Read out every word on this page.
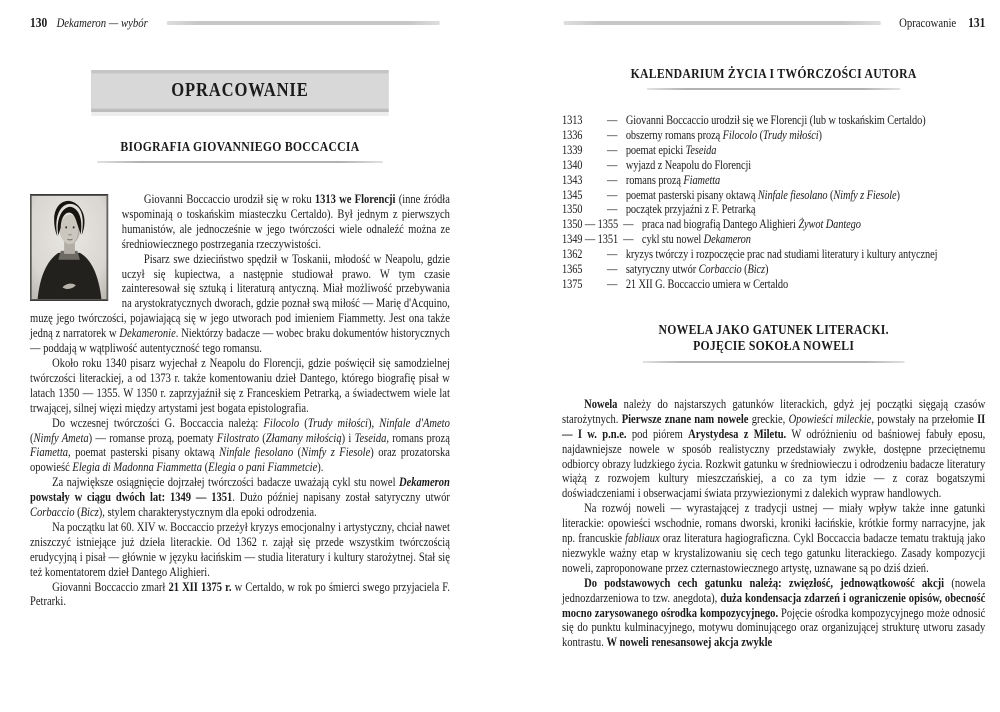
130 Dekameron — wybór
OPRACOWANIE
BIOGRAFIA GIOVANNIEGO BOCCACCIA

Giovanni Boccaccio urodził się w roku 1313 we Florencji (inne źródła wspominają o toskańskim miasteczku Certaldo). Był jednym z pierwszych humanistów, ale jednocześnie w jego twórczości wiele odnaleźć można ze średniowiecznego postrzegania rzeczywistości.

Pisarz swe dzieciństwo spędził w Toskanii, młodość w Neapolu, gdzie uczył się kupiectwa, a następnie studiował prawo. W tym czasie zainteresował się sztuką i literaturą antyczną. Miał możliwość przebywania na arystokratycznych dworach, gdzie poznał swą miłość — Marię d'Acquino, muzę jego twórczości, pojawiającą się w jego utworach pod imieniem Fiammetty. Jest ona także jedną z narratorek w Dekameronie. Niektórzy badacze — wobec braku dokumentów historycznych — poddają w wątpliwość autentyczność tego romansu.

Około roku 1340 pisarz wyjechał z Neapolu do Florencji, gdzie poświęcił się samodzielnej twórczości literackiej, a od 1373 r. także komentowaniu dzieł Dantego, którego biografię pisał w latach 1350 — 1355. W 1350 r. zaprzyjaźnił się z Franceskiem Petrarką, a świadectwem wiele lat trwającej, silnej więzi między artystami jest bogata epistolografia.

Do wczesnej twórczości G. Boccaccia należą: Filocolo (Trudy miłości), Ninfale d'Ameto (Nimfy Ameta) — romanse prozą, poematy Filostrato (Złamany miłością) i Teseida, romans prozą Fiametta, poemat pasterski pisany oktawą Ninfale fiesolano (Nimfy z Fiesole) oraz prozatorska opowieść Elegia di Madonna Fiammetta (Elegia o pani Fiammetcie).

Za największe osiągnięcie dojrzałej twórczości badacze uważają cykl stu nowel Dekameron powstały w ciągu dwóch lat: 1349 — 1351. Dużo później napisany został satyryczny utwór Corbaccio (Bicz), stylem charakterystycznym dla epoki odrodzenia.

Na początku lat 60. XIV w. Boccaccio przeżył kryzys emocjonalny i artystyczny, chciał nawet zniszczyć istniejące już dzieła literackie. Od 1362 r. zajął się przede wszystkim twórczością erudycyjną i pisał — głównie w języku łacińskim — studia literatury i kultury starożytnej. Stał się też komentatorem dzieł Dantego Alighieri.

Giovanni Boccaccio zmarł 21 XII 1375 r. w Certaldo, w rok po śmierci swego przyjaciela F. Petrarki.

Opracowanie 131
KALENDARIUM ŻYCIA I TWÓRCZOŚCI AUTORA
1313	— Giovanni Boccaccio urodził się we Florencji (lub w toskańskim Certaldo)
1336	— obszerny romans prozą Filocolo (Trudy miłości)
1339	— poemat epicki Teseida
1340	— wyjazd z Neapolu do Florencji
1343	— romans prozą Fiametta
1345	— poemat pasterski pisany oktawą Ninfale fiesolano (Nimfy z Fiesole)
1350	— początek przyjaźni z F. Petrarką
1350 — 1355 — praca nad biografią Dantego Alighieri Żywot Dantego
1349 — 1351 — cykl stu nowel Dekameron
1362	— kryzys twórczy i rozpoczęcie prac nad studiami literatury i kultury antycznej
1365	— satyryczny utwór Corbaccio (Bicz)
1375	— 21 XII G. Boccaccio umiera w Certaldo
NOWELA JAKO GATUNEK LITERACKI.
POJĘCIE SOKOŁA NOWELI

Nowela należy do najstarszych gatunków literackich, gdyż jej początki sięgają czasów starożytnych. Pierwsze znane nam nowele greckie, Opowieści mileckie, powstały na przełomie II — I w. p.n.e. pod piórem Arystydesa z Miletu. W odróżnieniu od baśniowej fabuły eposu, najdawniejsze nowele w sposób realistyczny przedstawiały zwykłe, dostępne przeciętnemu odbiorcy obrazy ludzkiego życia. Rozkwit gatunku w średniowieczu i odrodzeniu badacze literatury wiążą z rozwojem kultury mieszczańskiej, a co za tym idzie — z coraz bogatszymi doświadczeniami i obserwacjami świata przywiezionymi z dalekich wypraw handlowych.

Na rozwój noweli — wyrastającej z tradycji ustnej — miały wpływ także inne gatunki literackie: opowieści wschodnie, romans dworski, kroniki łacińskie, krótkie formy narracyjne, jak np. francuskie fabliaux oraz literatura hagiograficzna. Cykl Boccaccia badacze tematu traktują jako niezwykle ważny etap w krystalizowaniu się cech tego gatunku literackiego. Zasady kompozycji noweli, zaproponowane przez czternastowiecznego artystę, uznawane są po dziś dzień.

Do podstawowych cech gatunku należą: zwięzłość, jednowątkowość akcji (nowela jednozdarzeniowa to tzw. anegdota), duża kondensacja zdarzeń i ograniczenie opisów, obecność mocno zarysowanego ośrodka kompozycyjnego. Pojęcie ośrodka kompozycyjnego może odnosić się do punktu kulminacyjnego, motywu dominującego oraz organizującej strukturę utworu zasady kontrastu. W noweli renesansowej akcja zwykle
